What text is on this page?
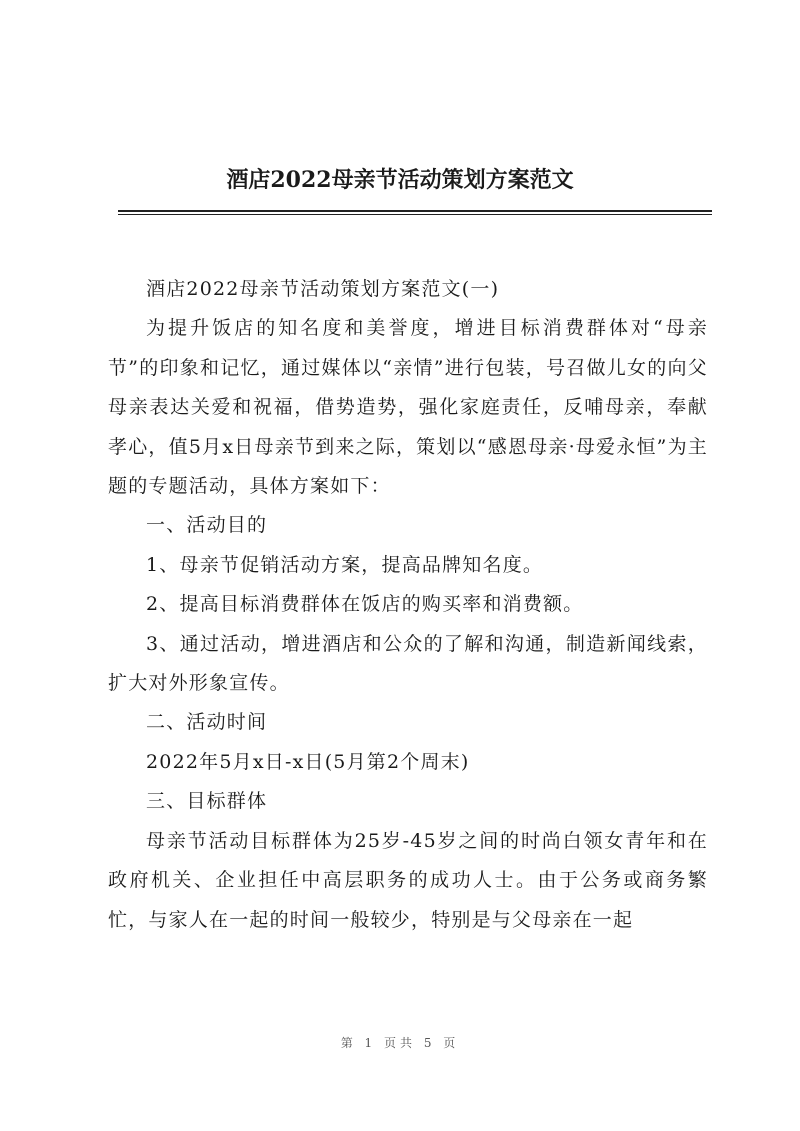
酒店2022母亲节活动策划方案范文

酒店2022母亲节活动策划方案范文(一)

为提升饭店的知名度和美誉度，增进目标消费群体对“母亲节”的印象和记忆，通过媒体以“亲情”进行包装，号召做儿女的向父母亲表达关爱和祝福，借势造势，强化家庭责任，反哺母亲，奉献孝心，值5月x日母亲节到来之际，策划以“感恩母亲·母爱永恒”为主题的专题活动，具体方案如下：

一、活动目的

1、母亲节促销活动方案，提高品牌知名度。

2、提高目标消费群体在饭店的购买率和消费额。

3、通过活动，增进酒店和公众的了解和沟通，制造新闻线索，扩大对外形象宣传。

二、活动时间

2022年5月x日-x日(5月第2个周末)

三、目标群体

母亲节活动目标群体为25岁-45岁之间的时尚白领女青年和在政府机关、企业担任中高层职务的成功人士。由于公务或商务繁忙，与家人在一起的时间一般较少，特别是与父母亲在一起

第 1 页共 5 页
